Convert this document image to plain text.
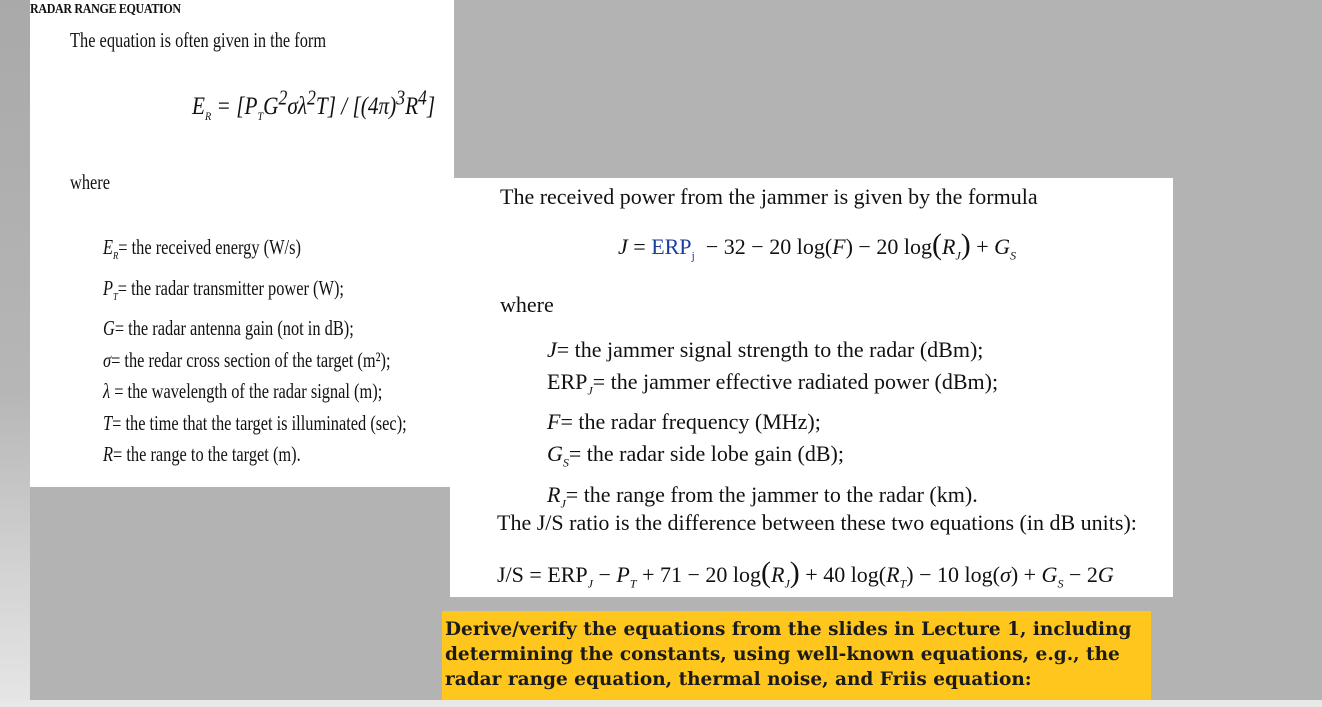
RADAR RANGE EQUATION
The equation is often given in the form
$E_R = [P_TG^2\sigma\lambda^2T] / [(4\pi)^3R^4]$
where
$E_R=$ the received energy (W/s)
$P_T=$ the radar transmitter power (W);
G= the radar antenna gain (not in dB);
σ= the redar cross section of the target (m²);
λ = the wavelength of the radar signal (m);
T= the time that the target is illuminated (sec);
R= the range to the target (m).
The received power from the jammer is given by the formula
$J = ERP_j - 32 - 20$ log(F) − 20 $\log(R_J) + G_S$
where
J= the jammer signal strength to the radar (dBm);
$ERP_J=$ the jammer effective radiated power (dBm);
F= the radar frequency (MHz);
$G_S=$ the radar side lobe gain (dB);
$R_J=$ the range from the jammer to the radar (km).
The J/S ratio is the difference between these two equations (in dB units):
$J/S = ERP_J - P_T + 71 - 20$ $\log(R_J) + 40$ $\log(R_T) - 10$ $\log(\sigma) + G_S - 2G$
Derive/verify the equations from the slides in Lecture 1, including determining the constants, using well-known equations, e.g., the radar range equation, thermal noise, and Friis equation:
